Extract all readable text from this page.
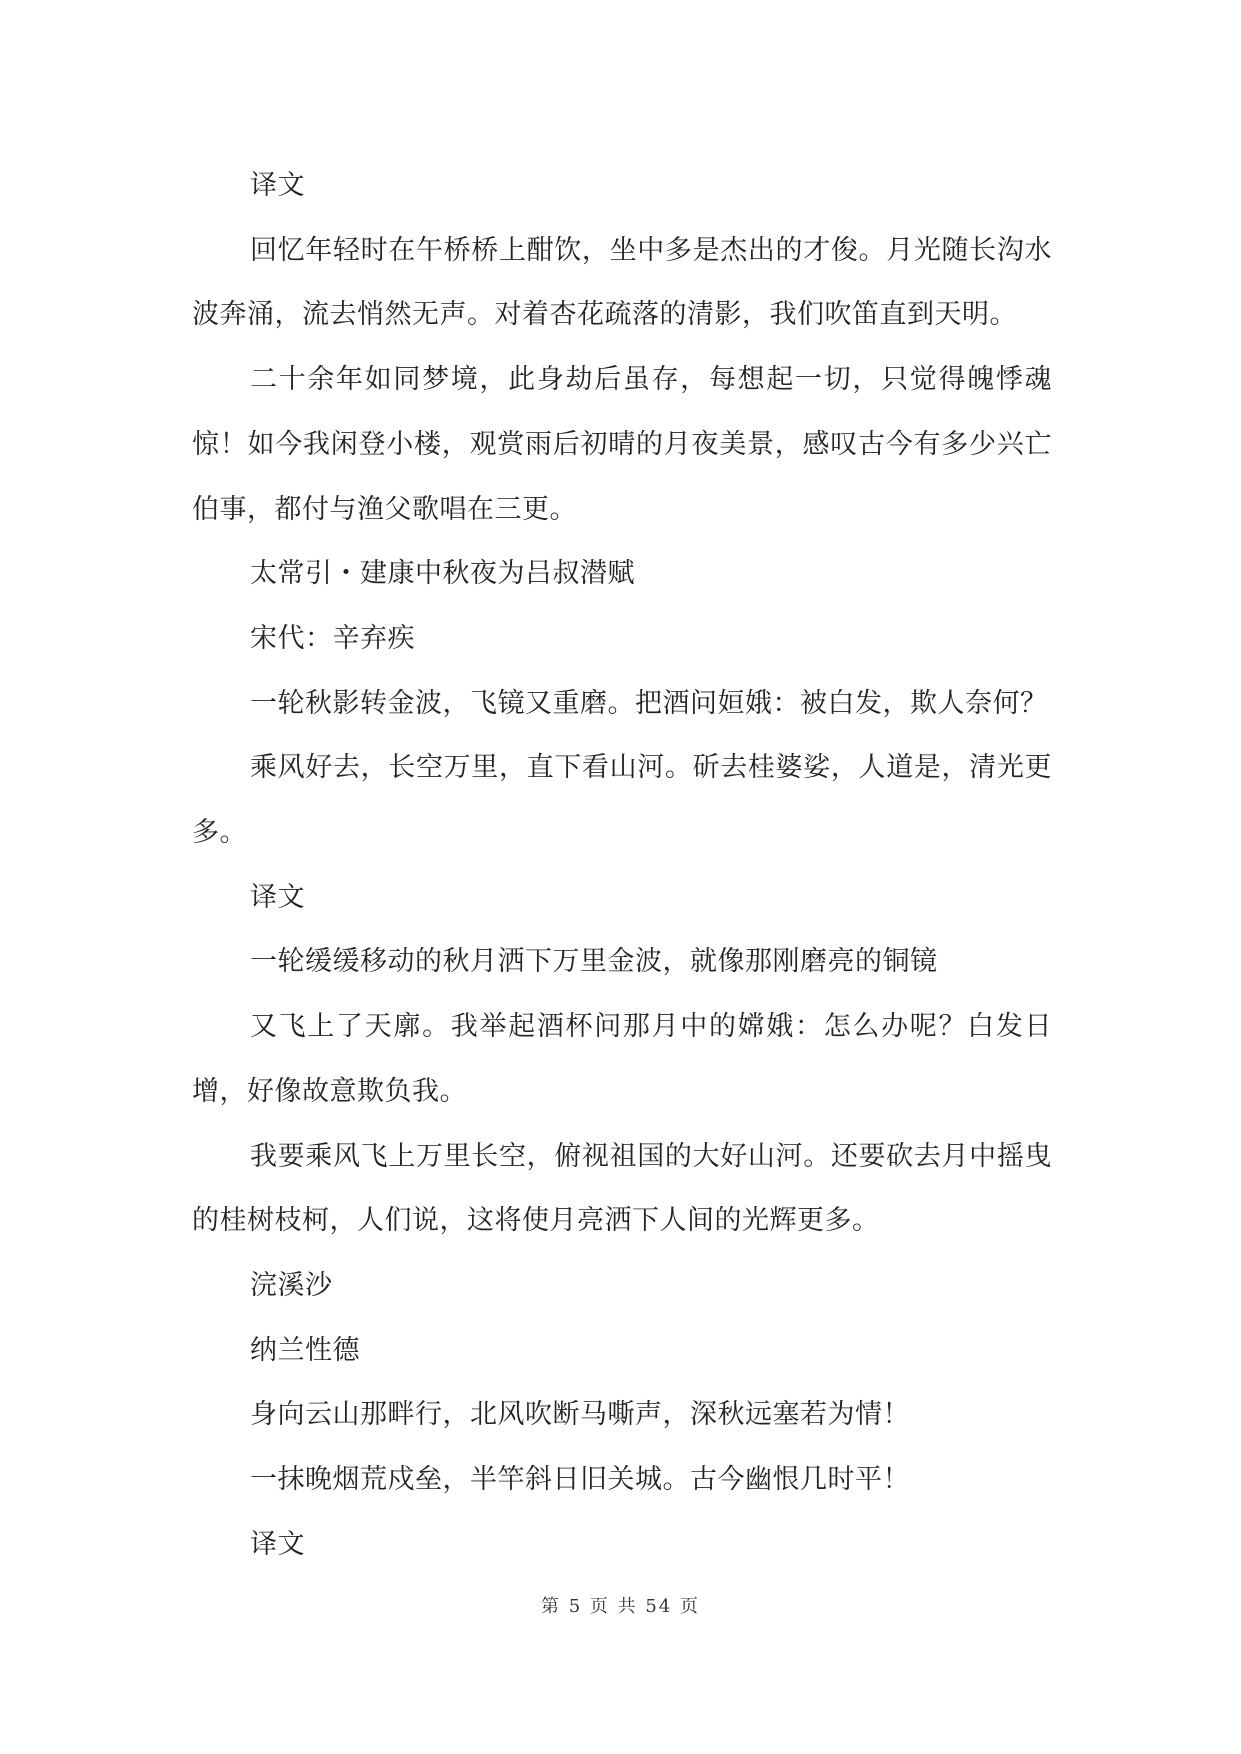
译文

回忆年轻时在午桥桥上酣饮，坐中多是杰出的才俊。月光随长沟水波奔涌，流去悄然无声。对着杏花疏落的清影，我们吹笛直到天明。

二十余年如同梦境，此身劫后虽存，每想起一切，只觉得魄悸魂惊！如今我闲登小楼，观赏雨后初晴的月夜美景，感叹古今有多少兴亡伯事，都付与渔父歌唱在三更。

太常引・建康中秋夜为吕叔潜赋

宋代：辛弃疾

一轮秋影转金波，飞镜又重磨。把酒问姮娥：被白发，欺人奈何？

乘风好去，长空万里，直下看山河。斫去桂婆娑，人道是，清光更多。

译文

一轮缓缓移动的秋月洒下万里金波，就像那刚磨亮的铜镜

又飞上了天廓。我举起酒杯问那月中的嫦娥：怎么办呢？白发日增，好像故意欺负我。

我要乘风飞上万里长空，俯视祖国的大好山河。还要砍去月中摇曳的桂树枝柯，人们说，这将使月亮洒下人间的光辉更多。

浣溪沙

纳兰性德

身向云山那畔行，北风吹断马嘶声，深秋远塞若为情！

一抹晚烟荒戍垒，半竿斜日旧关城。古今幽恨几时平！

译文

第 5 页 共 54 页
